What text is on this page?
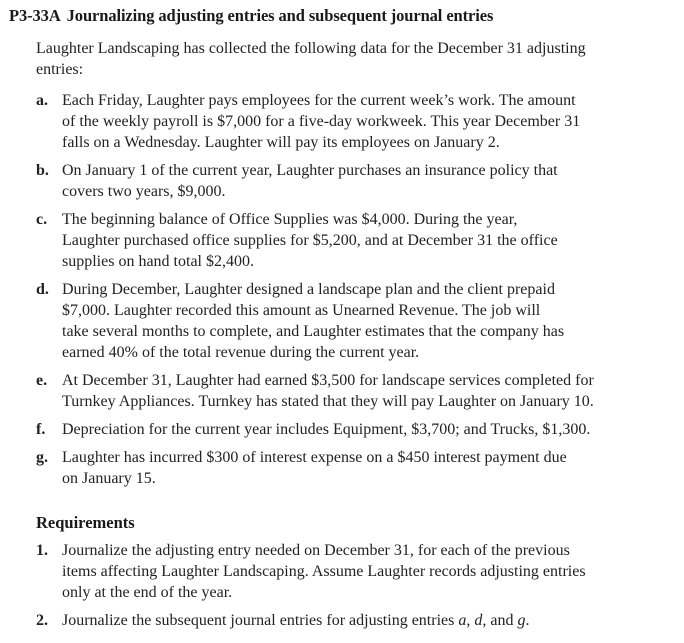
P3-33A Journalizing adjusting entries and subsequent journal entries
Laughter Landscaping has collected the following data for the December 31 adjusting entries:
a. Each Friday, Laughter pays employees for the current week’s work. The amount
of the weekly payroll is $7,000 for a five-day workweek. This year December 31
falls on a Wednesday. Laughter will pay its employees on January 2.
b. On January 1 of the current year, Laughter purchases an insurance policy that
covers two years, $9,000.
c. The beginning balance of Office Supplies was $4,000. During the year,
Laughter purchased office supplies for $5,200, and at December 31 the office
supplies on hand total $2,400.
d. During December, Laughter designed a landscape plan and the client prepaid
$7,000. Laughter recorded this amount as Unearned Revenue. The job will
take several months to complete, and Laughter estimates that the company has
earned 40% of the total revenue during the current year.
e. At December 31, Laughter had earned $3,500 for landscape services completed for
Turnkey Appliances. Turnkey has stated that they will pay Laughter on January 10.
f. Depreciation for the current year includes Equipment, $3,700; and Trucks, $1,300.
g. Laughter has incurred $300 of interest expense on a $450 interest payment due
on January 15.
Requirements
1. Journalize the adjusting entry needed on December 31, for each of the previous
items affecting Laughter Landscaping. Assume Laughter records adjusting entries
only at the end of the year.
2. Journalize the subsequent journal entries for adjusting entries a, d, and g.
